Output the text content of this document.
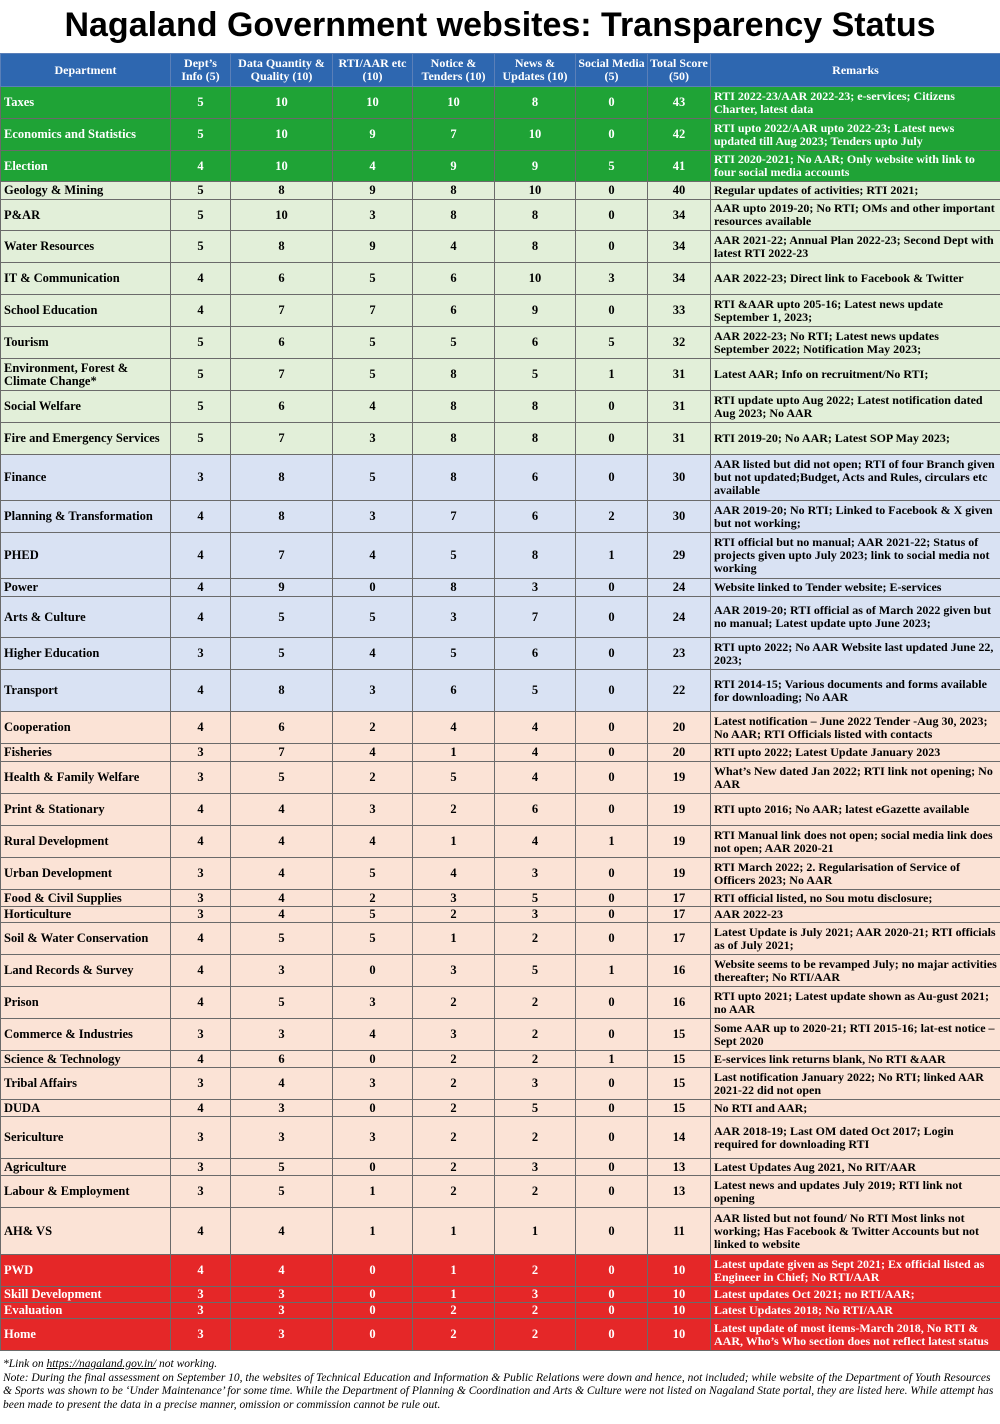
Nagaland Government websites: Transparency Status
Department	Dept’s Info (5)	Data Quantity & Quality (10)	RTI/AAR etc (10)	Notice & Tenders (10)	News & Updates (10)	Social Media (5)	Total Score (50)	Remarks
Taxes	5	10	10	10	8	0	43	RTI 2022-23/AAR 2022-23; e-services; Citizens Charter, latest data
Economics and Statistics	5	10	9	7	10	0	42	RTI upto 2022/AAR upto 2022-23; Latest news updated till Aug 2023; Tenders upto July
Election	4	10	4	9	9	5	41	RTI 2020-2021; No AAR; Only website with link to four social media accounts
Geology & Mining	5	8	9	8	10	0	40	Regular updates of activities; RTI 2021;
P&AR	5	10	3	8	8	0	34	AAR upto 2019-20; No RTI; OMs and other important resources available
Water Resources	5	8	9	4	8	0	34	AAR 2021-22; Annual Plan 2022-23; Second Dept with latest RTI 2022-23
IT & Communication	4	6	5	6	10	3	34	AAR 2022-23; Direct link to Facebook & Twitter
School Education	4	7	7	6	9	0	33	RTI &AAR upto 205-16; Latest news update September 1, 2023;
Tourism	5	6	5	5	6	5	32	AAR 2022-23; No RTI; Latest news updates September 2022; Notification May 2023;
Environment, Forest & Climate Change*	5	7	5	8	5	1	31	Latest AAR; Info on recruitment/No RTI;
Social Welfare	5	6	4	8	8	0	31	RTI update upto Aug 2022; Latest notification dated Aug 2023; No AAR
Fire and Emergency Services	5	7	3	8	8	0	31	RTI 2019-20; No AAR; Latest SOP May 2023;
Finance	3	8	5	8	6	0	30	AAR listed but did not open; RTI of four Branch given but not updated;Budget, Acts and Rules, circulars etc available
Planning & Transformation	4	8	3	7	6	2	30	AAR 2019-20; No RTI; Linked to Facebook & X given but not working;
PHED	4	7	4	5	8	1	29	RTI official but no manual; AAR 2021-22; Status of projects given upto July 2023; link to social media not working
Power	4	9	0	8	3	0	24	Website linked to Tender website; E-services
Arts & Culture	4	5	5	3	7	0	24	AAR 2019-20; RTI official as of March 2022 given but no manual; Latest update upto June 2023;
Higher Education	3	5	4	5	6	0	23	RTI upto 2022; No AAR Website last updated June 22, 2023;
Transport	4	8	3	6	5	0	22	RTI 2014-15; Various documents and forms available for downloading; No AAR
Cooperation	4	6	2	4	4	0	20	Latest notification – June 2022 Tender -Aug 30, 2023; No AAR; RTI Officials listed with contacts
Fisheries	3	7	4	1	4	0	20	RTI upto 2022; Latest Update January 2023
Health & Family Welfare	3	5	2	5	4	0	19	What’s New dated Jan 2022; RTI link not opening; No AAR
Print & Stationary	4	4	3	2	6	0	19	RTI upto 2016; No AAR; latest eGazette available
Rural Development	4	4	4	1	4	1	19	RTI Manual link does not open; social media link does not open; AAR 2020-21
Urban Development	3	4	5	4	3	0	19	RTI March 2022; 2. Regularisation of Service of Officers 2023; No AAR
Food & Civil Supplies	3	4	2	3	5	0	17	RTI official listed, no Sou motu disclosure;
Horticulture	3	4	5	2	3	0	17	AAR 2022-23
Soil & Water Conservation	4	5	5	1	2	0	17	Latest Update is July 2021; AAR 2020-21; RTI officials as of July 2021;
Land Records & Survey	4	3	0	3	5	1	16	Website seems to be revamped July; no majar activities thereafter; No RTI/AAR
Prison	4	5	3	2	2	0	16	RTI upto 2021; Latest update shown as Au-gust 2021; no AAR
Commerce & Industries	3	3	4	3	2	0	15	Some AAR up to 2020-21; RTI 2015-16; lat-est notice – Sept 2020
Science & Technology	4	6	0	2	2	1	15	E-services link returns blank, No RTI &AAR
Tribal Affairs	3	4	3	2	3	0	15	Last notification January 2022; No RTI; linked AAR 2021-22 did not open
DUDA	4	3	0	2	5	0	15	No RTI and AAR;
Sericulture	3	3	3	2	2	0	14	AAR 2018-19; Last OM dated Oct 2017; Login required for downloading RTI
Agriculture	3	5	0	2	3	0	13	Latest Updates Aug 2021, No RIT/AAR
Labour & Employment	3	5	1	2	2	0	13	Latest news and updates July 2019; RTI link not opening
AH& VS	4	4	1	1	1	0	11	AAR listed but not found/ No RTI Most links not working; Has Facebook & Twitter Accounts but not linked to website
PWD	4	4	0	1	2	0	10	Latest update given as Sept 2021; Ex official listed as Engineer in Chief; No RTI/AAR
Skill Development	3	3	0	1	3	0	10	Latest updates Oct 2021; no RTI/AAR;
Evaluation	3	3	0	2	2	0	10	Latest Updates 2018; No RTI/AAR
Home	3	3	0	2	2	0	10	Latest update of most items-March 2018, No RTI & AAR, Who’s Who section does not reflect latest status
*Link on https://nagaland.gov.in/ not working.
Note: During the final assessment on September 10, the websites of Technical Education and Information & Public Relations were down and hence, not included; while website of the Department of Youth Resources & Sports was shown to be ‘Under Maintenance’ for some time. While the Department of Planning & Coordination and Arts & Culture were not listed on Nagaland State portal, they are listed here. While attempt has been made to present the data in a precise manner, omission or commission cannot be rule out.
